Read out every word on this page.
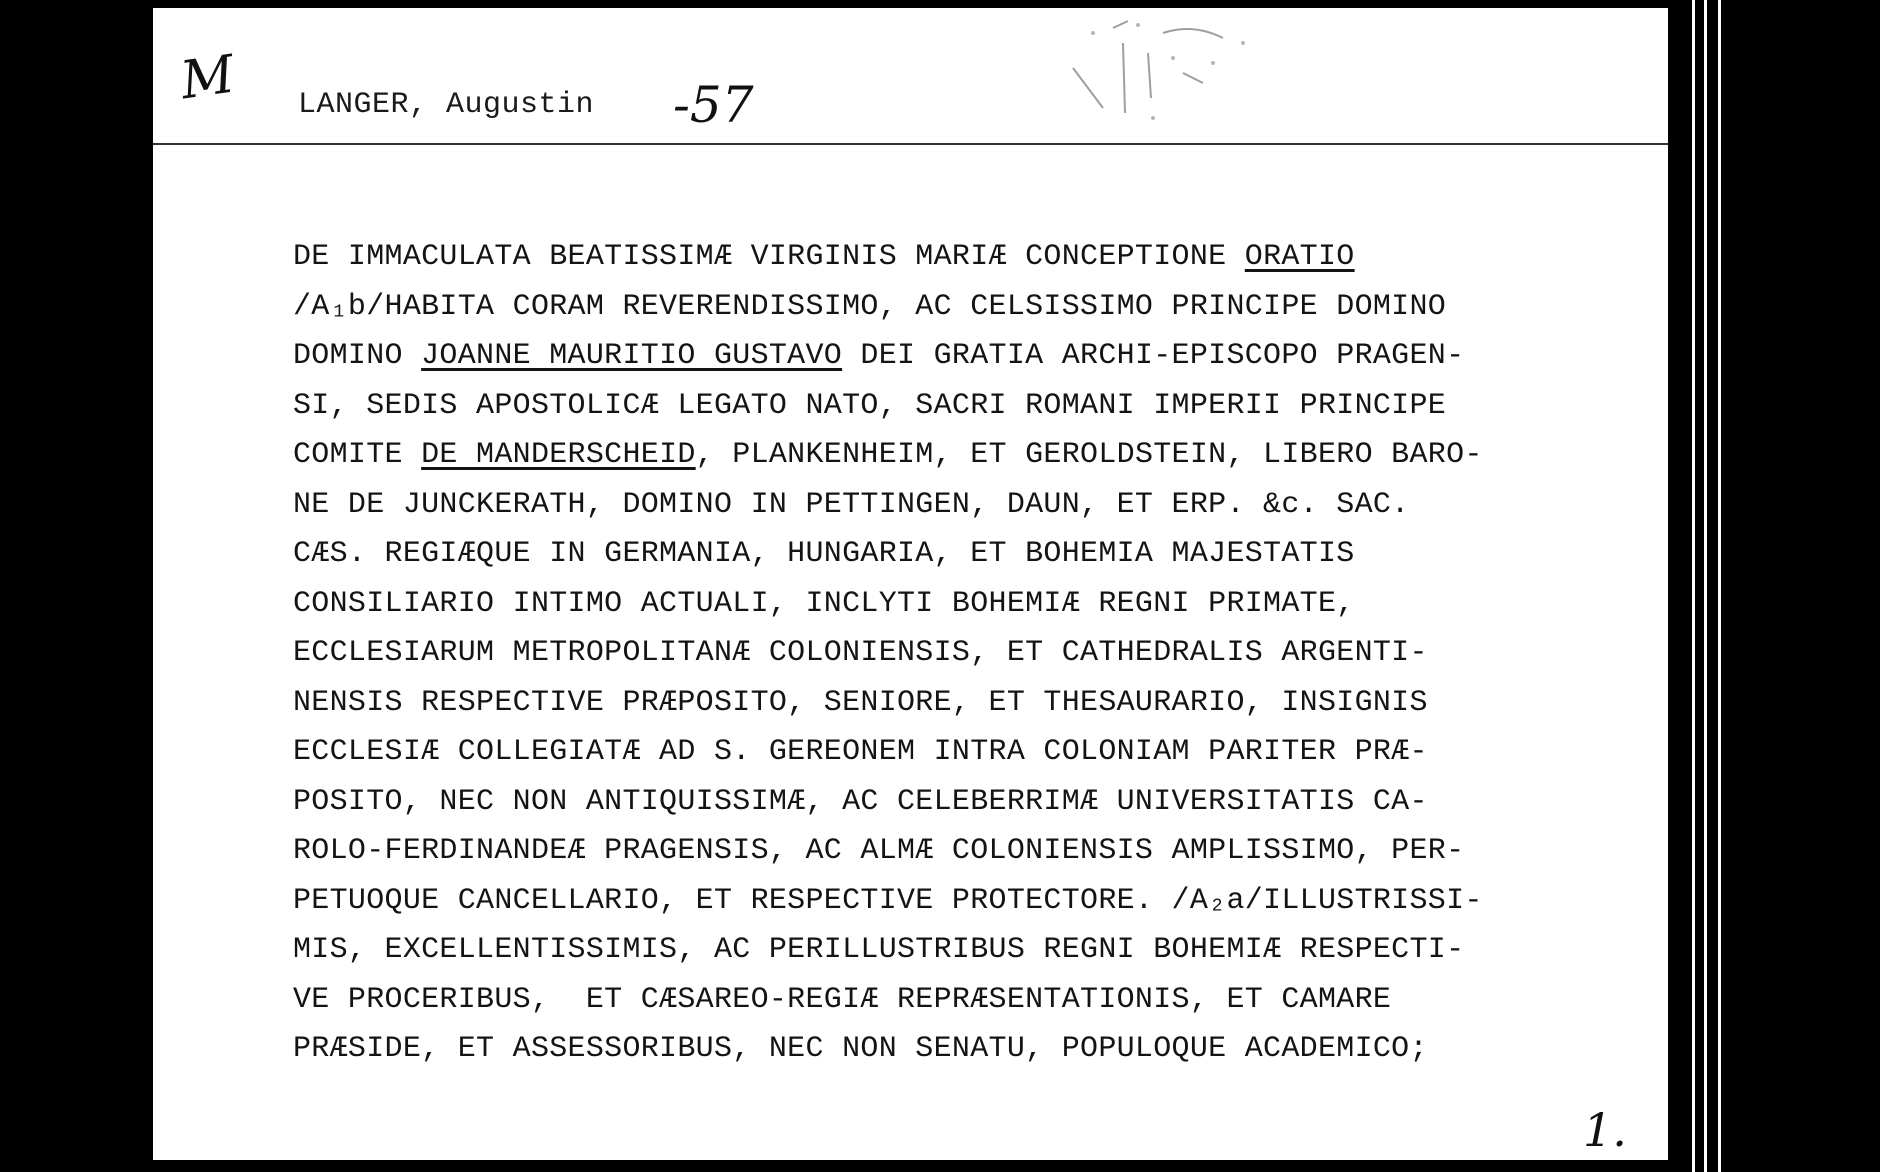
M LANGER, Augustin -57
DE IMMACULATA BEATISSIMÆ VIRGINIS MARIÆ CONCEPTIONE ORATIO
/A₁b/HABITA CORAM REVERENDISSIMO, AC CELSISSIMO PRINCIPE DOMINO
DOMINO JOANNE MAURITIO GUSTAVO DEI GRATIA ARCHI-EPISCOPO PRAGEN-
SI, SEDIS APOSTOLICÆ LEGATO NATO, SACRI ROMANI IMPERII PRINCIPE
COMITE DE MANDERSCHEID, PLANKENHEIM, ET GEROLDSTEIN, LIBERO BARO-
NE DE JUNCKERATH, DOMINO IN PETTINGEN, DAUN, ET ERP. &c. SAC.
CÆS. REGIÆQUE IN GERMANIA, HUNGARIA, ET BOHEMIA MAJESTATIS
CONSILIARIO INTIMO ACTUALI, INCLYTI BOHEMIÆ REGNI PRIMATE,
ECCLESIARUM METROPOLITANÆ COLONIENSIS, ET CATHEDRALIS ARGENTI-
NENSIS RESPECTIVE PRÆPOSITO, SENIORE, ET THESAURARIO, INSIGNIS
ECCLESIÆ COLLEGIATÆ AD S. GEREONEM INTRA COLONIAM PARITER PRÆ-
POSITO, NEC NON ANTIQUISSIMÆ, AC CELEBERRIMÆ UNIVERSITATIS CA-
ROLO-FERDINANDEÆ PRAGENSIS, AC ALMÆ COLONIENSIS AMPLISSIMO, PER-
PETUOQUE CANCELLARIO, ET RESPECTIVE PROTECTORE. /A₂a/ILLUSTRISSI-
MIS, EXCELLENTISSIMIS, AC PERILLUSTRIBUS REGNI BOHEMIÆ RESPECTI-
VE PROCERIBUS,  ET CÆSAREO-REGIÆ REPRÆSENTATIONIS, ET CAMARE
PRÆSIDE, ET ASSESSORIBUS, NEC NON SENATU, POPULOQUE ACADEMICO;
1.
